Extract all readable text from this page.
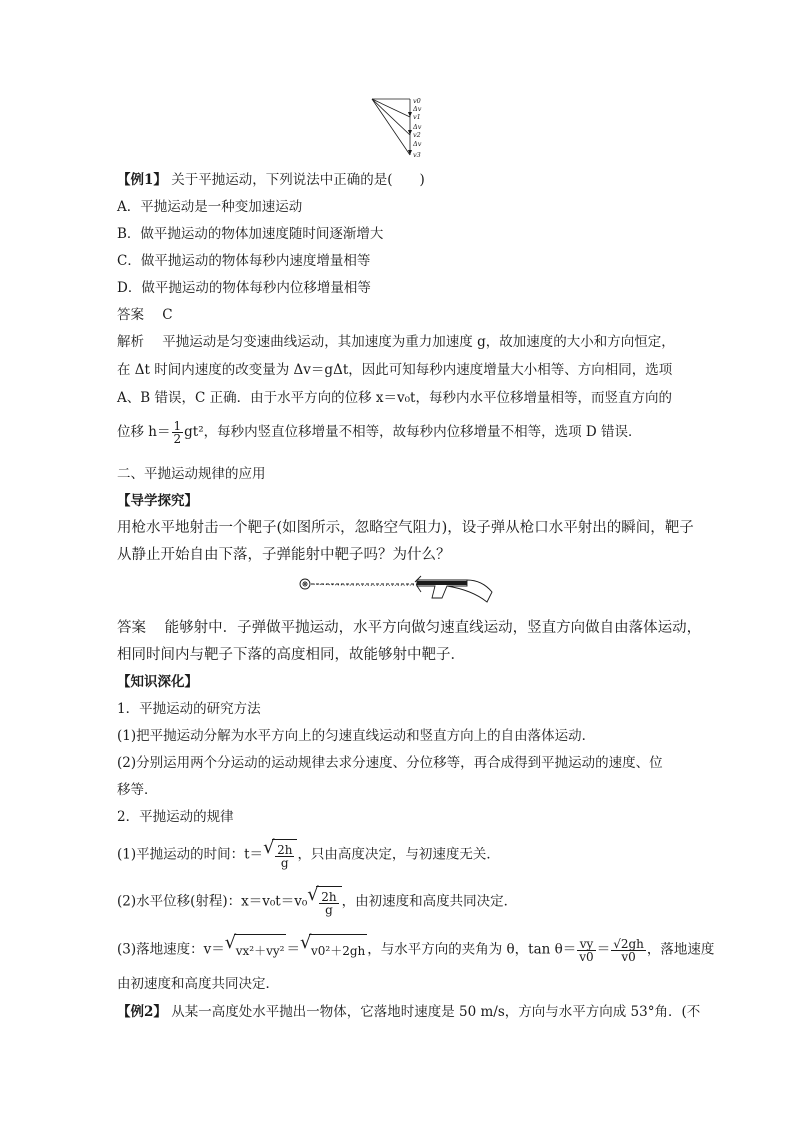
v0
Δv
v1
Δv
v2
Δv
v3
【例1】 关于平抛运动，下列说法中正确的是(　　)
A．平抛运动是一种变加速运动
B．做平抛运动的物体加速度随时间逐渐增大
C．做平抛运动的物体每秒内速度增量相等
D．做平抛运动的物体每秒内位移增量相等
答案 C
解析 平抛运动是匀变速曲线运动，其加速度为重力加速度 g，故加速度的大小和方向恒定，
在 Δt 时间内速度的改变量为 Δv＝gΔt，因此可知每秒内速度增量大小相等、方向相同，选项
A、B 错误，C 正确．由于水平方向的位移 x＝v₀t，每秒内水平位移增量相等，而竖直方向的
位移 $h= \frac{1}{2} gt^2$，每秒内竖直位移增量不相等，故每秒内位移增量不相等，选项 D 错误．
二、平抛运动规律的应用
【导学探究】
用枪水平地射击一个靶子(如图所示，忽略空气阻力)，设子弹从枪口水平射出的瞬间，靶子
从静止开始自由下落，子弹能射中靶子吗？为什么？
答案 能够射中．子弹做平抛运动，水平方向做匀速直线运动，竖直方向做自由落体运动，
相同时间内与靶子下落的高度相同，故能够射中靶子．
【知识深化】
1．平抛运动的研究方法
(1)把平抛运动分解为水平方向上的匀速直线运动和竖直方向上的自由落体运动．
(2)分别运用两个分运动的运动规律去求分速度、分位移等，再合成得到平抛运动的速度、位
移等．
2．平抛运动的规律
(1)平抛运动的时间：t＝ √ $\frac{2h}{g}$ ，只由高度决定，与初速度无关．
(2)水平位移(射程)：x＝v₀t＝v₀ √ $\frac{2h}{g}$ ，由初速度和高度共同决定．
(3)落地速度：v＝ √ vx²＋vy² ＝ √ v0²＋2gh ，与水平方向的夹角为 θ，$\tan \theta= \frac{vy}{v0} = \frac{√2gh}{v0}$ ，落地速度
由初速度和高度共同决定．
【例2】 从某一高度处水平抛出一物体，它落地时速度是 50 m/s，方向与水平方向成 53°角．(不
